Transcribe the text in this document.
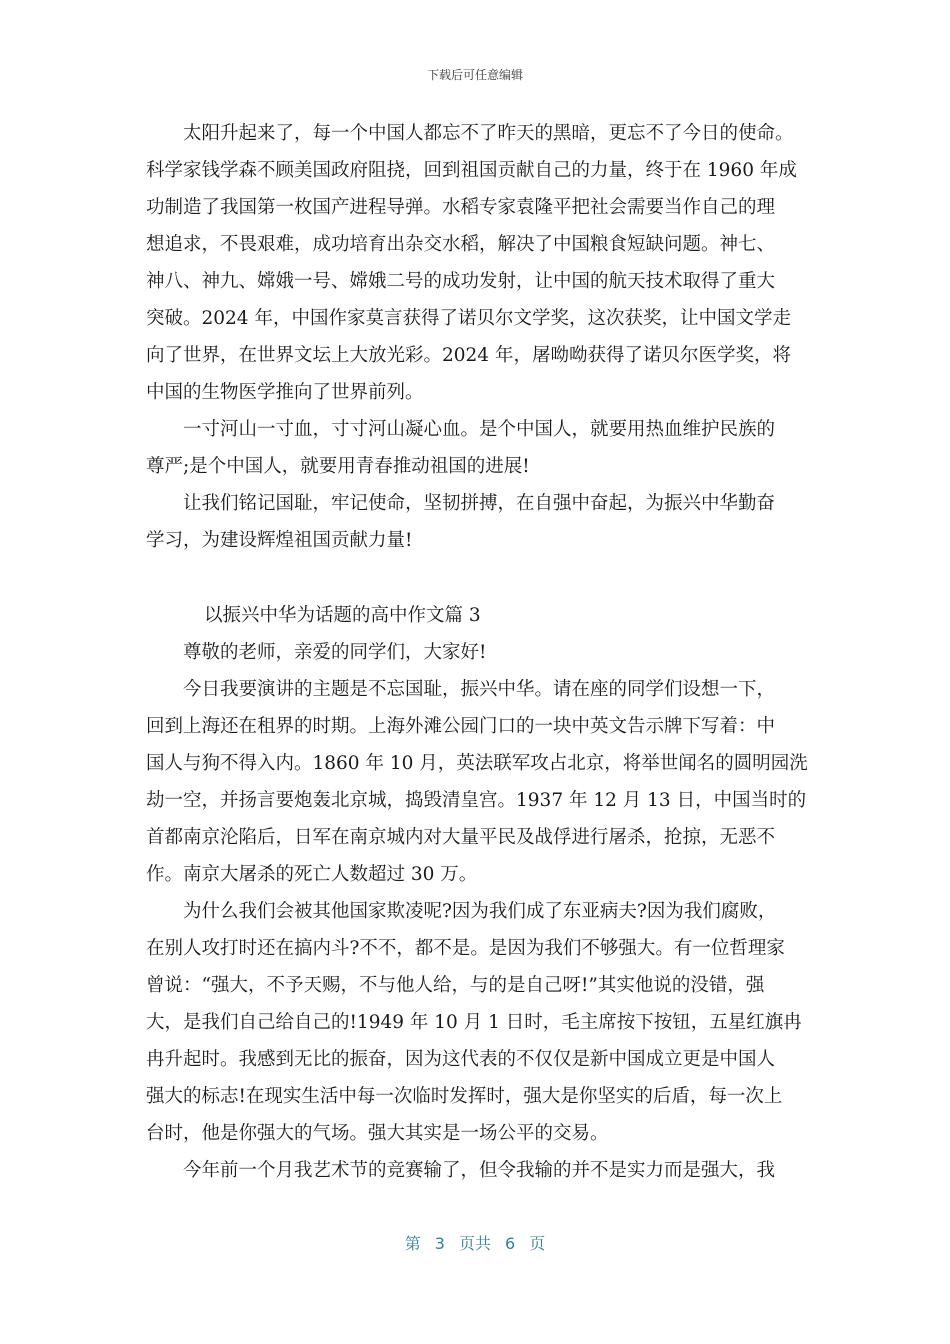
下载后可任意编辑
太阳升起来了，每一个中国人都忘不了昨天的黑暗，更忘不了今日的使命。
科学家钱学森不顾美国政府阻挠，回到祖国贡献自己的力量，终于在 1960 年成
功制造了我国第一枚国产进程导弹。水稻专家袁隆平把社会需要当作自己的理
想追求，不畏艰难，成功培育出杂交水稻，解决了中国粮食短缺问题。神七、
神八、神九、嫦娥一号、嫦娥二号的成功发射，让中国的航天技术取得了重大
突破。2024 年，中国作家莫言获得了诺贝尔文学奖，这次获奖，让中国文学走
向了世界，在世界文坛上大放光彩。2024 年，屠呦呦获得了诺贝尔医学奖，将
中国的生物医学推向了世界前列。
一寸河山一寸血，寸寸河山凝心血。是个中国人，就要用热血维护民族的
尊严;是个中国人，就要用青春推动祖国的进展!
让我们铭记国耻，牢记使命，坚韧拼搏，在自强中奋起，为振兴中华勤奋
学习，为建设辉煌祖国贡献力量!
以振兴中华为话题的高中作文篇 3
尊敬的老师，亲爱的同学们，大家好!
今日我要演讲的主题是不忘国耻，振兴中华。请在座的同学们设想一下，
回到上海还在租界的时期。上海外滩公园门口的一块中英文告示牌下写着：中
国人与狗不得入内。1860 年 10 月，英法联军攻占北京，将举世闻名的圆明园洗
劫一空，并扬言要炮轰北京城，捣毁清皇宫。1937 年 12 月 13 日，中国当时的
首都南京沦陷后，日军在南京城内对大量平民及战俘进行屠杀，抢掠，无恶不
作。南京大屠杀的死亡人数超过 30 万。
为什么我们会被其他国家欺凌呢?因为我们成了东亚病夫?因为我们腐败，
在别人攻打时还在搞内斗?不不，都不是。是因为我们不够强大。有一位哲理家
曾说：“强大，不予天赐，不与他人给，与的是自己呀!”其实他说的没错，强
大，是我们自己给自己的!1949 年 10 月 1 日时，毛主席按下按钮，五星红旗冉
冉升起时。我感到无比的振奋，因为这代表的不仅仅是新中国成立更是中国人
强大的标志!在现实生活中每一次临时发挥时，强大是你坚实的后盾，每一次上
台时，他是你强大的气场。强大其实是一场公平的交易。
今年前一个月我艺术节的竞赛输了，但令我输的并不是实力而是强大，我
第 3 页共 6 页
